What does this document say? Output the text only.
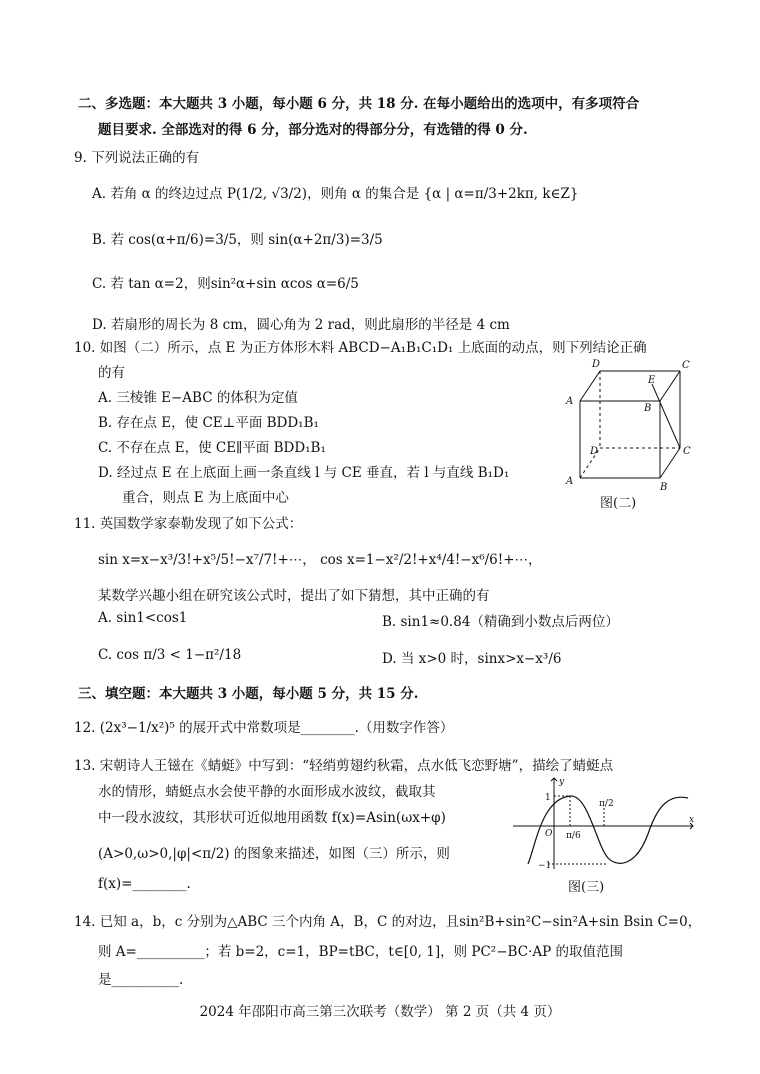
二、多选题：本大题共 3 小题，每小题 6 分，共 18 分. 在每小题给出的选项中，有多项符合
题目要求. 全部选对的得 6 分，部分选对的得部分分，有选错的得 0 分.
9. 下列说法正确的有
A. 若角 α 的终边过点 P(1/2, √3/2)，则角 α 的集合是 {α | α=π/3+2kπ, k∈Z}
B. 若 cos(α+π/6)=3/5，则 sin(α+2π/3)=3/5
C. 若 tan α=2，则sin²α+sin αcos α=6/5
D. 若扇形的周长为 8 cm，圆心角为 2 rad，则此扇形的半径是 4 cm
10. 如图（二）所示，点 E 为正方体形木料 ABCD−A₁B₁C₁D₁ 上底面的动点，则下列结论正确
的有
A. 三棱锥 E−ABC 的体积为定值
B. 存在点 E，使 CE⊥平面 BDD₁B₁
C. 不存在点 E，使 CE∥平面 BDD₁B₁
D. 经过点 E 在上底面上画一条直线 l 与 CE 垂直，若 l 与直线 B₁D₁
重合，则点 E 为上底面中心
D	C
A
B
E
D	C
A
B
图(二)
11. 英国数学家泰勒发现了如下公式：
sin x=x−x³/3!+x⁵/5!−x⁷/7!+⋯， cos x=1−x²/2!+x⁴/4!−x⁶/6!+⋯，
某数学兴趣小组在研究该公式时，提出了如下猜想，其中正确的有
A. sin1<cos1	B. sin1≈0.84（精确到小数点后两位）
C. cos π/3 < 1−π²/18	D. 当 x>0 时，sinx>x−x³/6
三、填空题：本大题共 3 小题，每小题 5 分，共 15 分.
12. (2x³−1/x²)⁵ 的展开式中常数项是________.（用数字作答）
13. 宋朝诗人王镃在《蜻蜓》中写到：“轻绡剪翅约秋霜，点水低飞恋野塘”，描绘了蜻蜓点
水的情形，蜻蜓点水会使平静的水面形成水波纹，截取其
中一段水波纹，其形状可近似地用函数 f(x)=Asin(ωx+φ)
(A>0,ω>0,|φ|<π/2) 的图象来描述，如图（三）所示，则
f(x)=________.
y
x
O
1
−1
π/6
π/2
图(三)
14. 已知 a，b，c 分别为△ABC 三个内角 A，B，C 的对边，且sin²B+sin²C−sin²A+sin Bsin C=0，
则 A=__________；若 b=2，c=1，BP=tBC，t∈[0, 1]，则 PC²−BC·AP 的取值范围
是__________.
2024 年邵阳市高三第三次联考（数学） 第 2 页（共 4 页）
